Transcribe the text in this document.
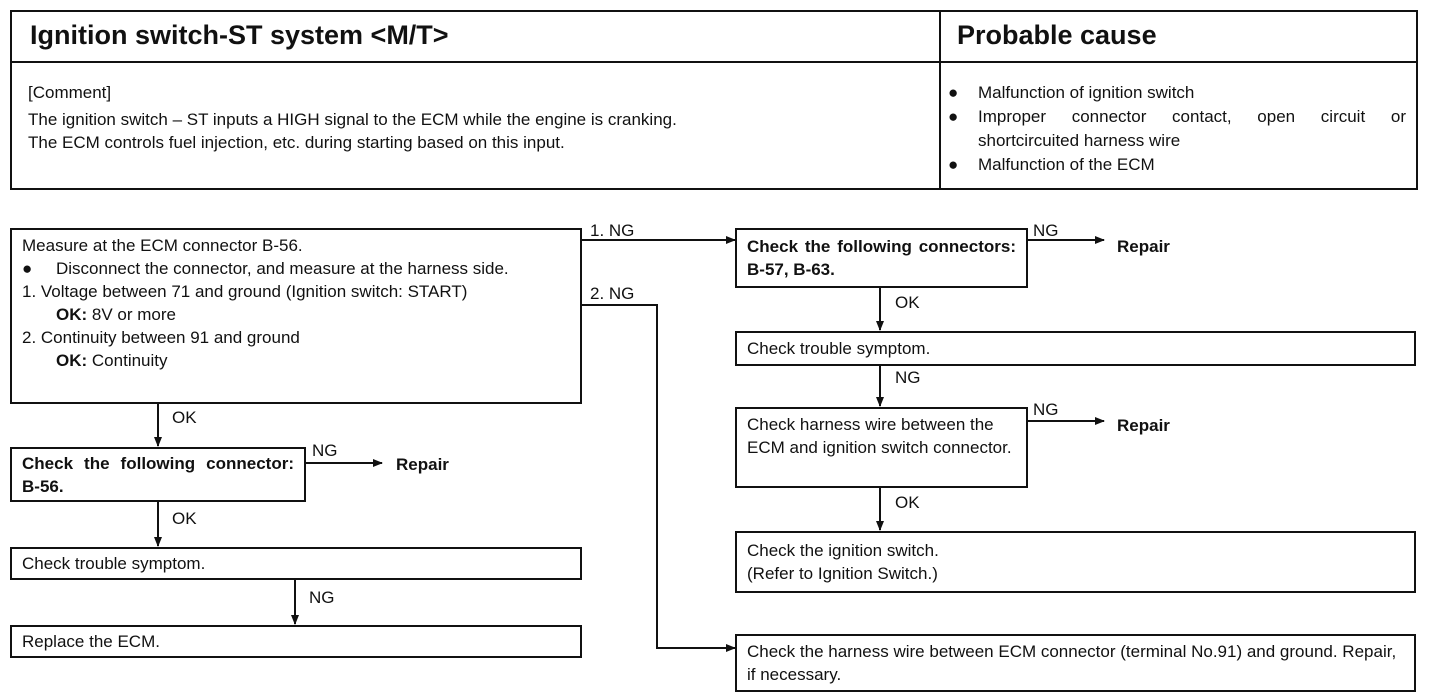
Ignition switch-ST system <M/T>	Probable cause
[Comment]
The ignition switch – ST inputs a HIGH signal to the ECM while the engine is cranking.
The ECM controls fuel injection, etc. during starting based on this input.
●	Malfunction of ignition switch
●	Improper connector contact, open circuit or shortcircuited harness wire
●	Malfunction of the ECM
Measure at the ECM connector B-56.
●	Disconnect the connector, and measure at the harness side.
1. Voltage between 71 and ground (Ignition switch: START)
OK: 8V or more
2. Continuity between 91 and ground
OK: Continuity
1. NG
2. NG
OK
Check the following connector: B-56.
NG
Repair
OK
Check trouble symptom.
NG
Replace the ECM.
Check the following connectors: B-57, B-63.
NG
Repair
OK
Check trouble symptom.
NG
Check harness wire between the ECM and ignition switch connector.
NG
Repair
OK
Check the ignition switch.
(Refer to Ignition Switch.)
Check the harness wire between ECM connector (terminal No.91) and ground. Repair, if necessary.
